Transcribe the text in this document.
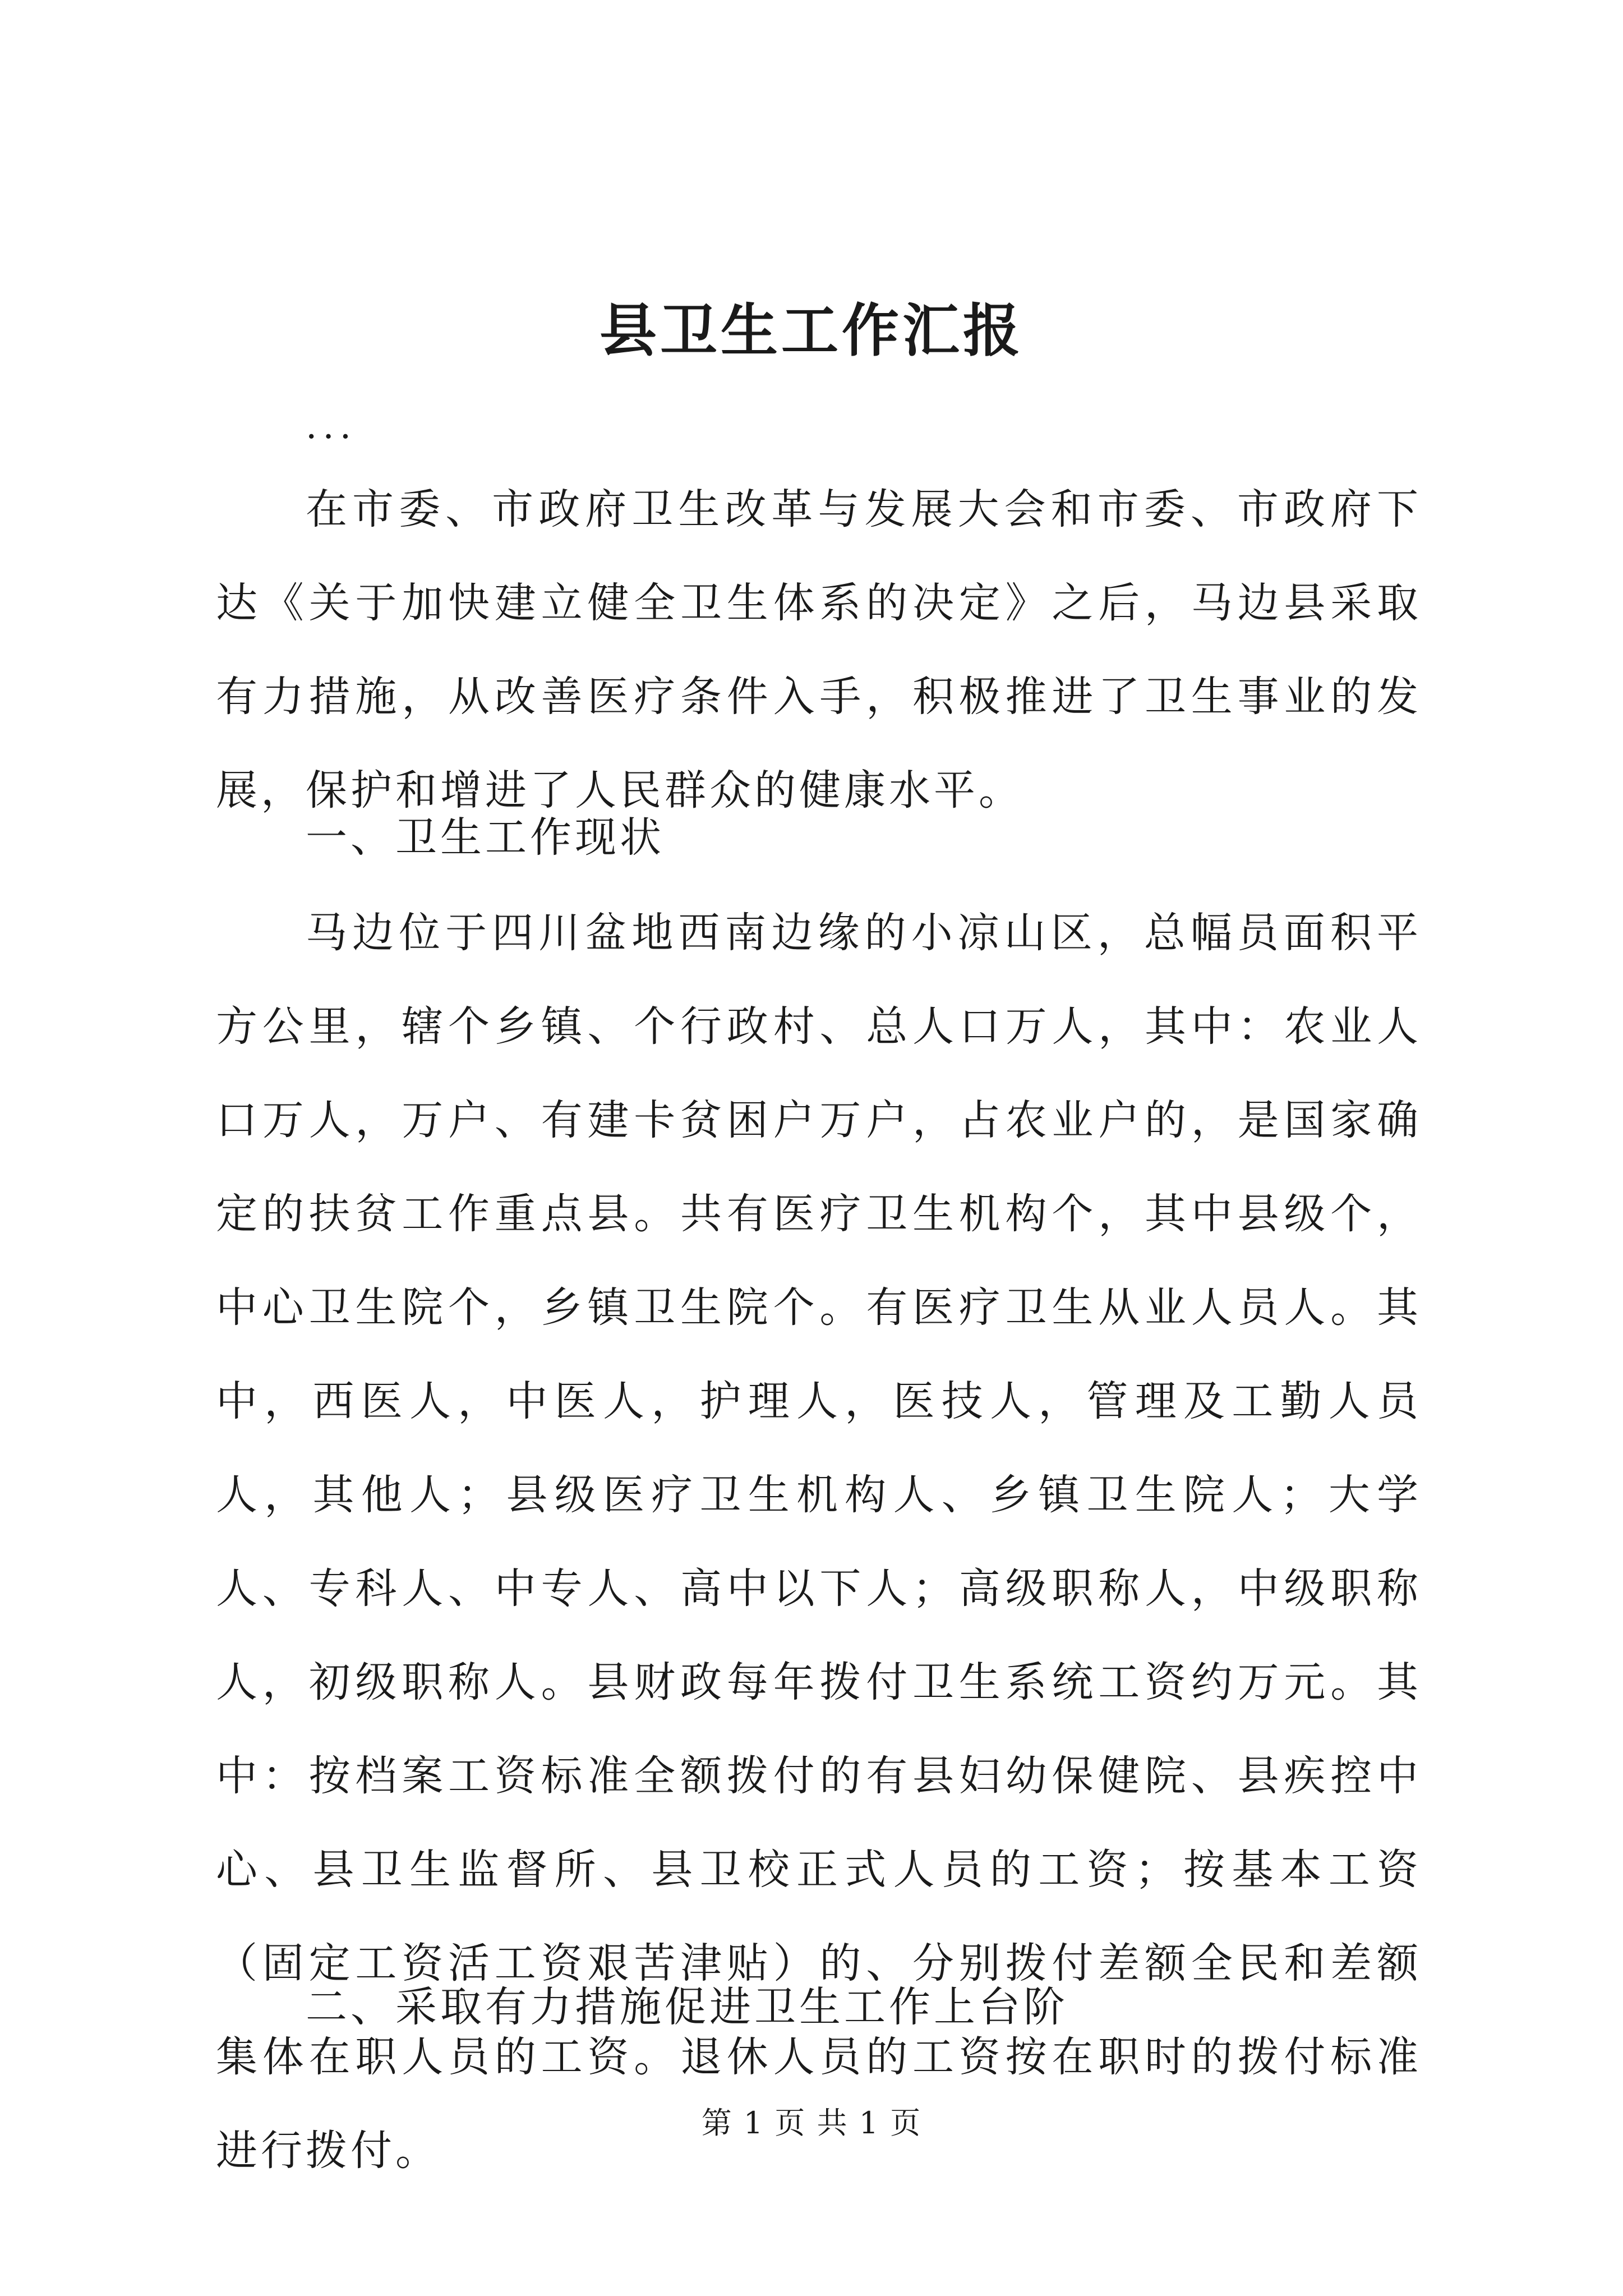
县卫生工作汇报
...

在市委、市政府卫生改革与发展大会和市委、市政府下达《关于加快建立健全卫生体系的决定》之后，马边县采取有力措施，从改善医疗条件入手，积极推进了卫生事业的发展，保护和增进了人民群众的健康水平。

一、卫生工作现状

马边位于四川盆地西南边缘的小凉山区，总幅员面积平方公里，辖个乡镇、个行政村、总人口万人，其中：农业人口万人，万户、有建卡贫困户万户，占农业户的，是国家确定的扶贫工作重点县。共有医疗卫生机构个，其中县级个，中心卫生院个，乡镇卫生院个。有医疗卫生从业人员人。其中，西医人，中医人，护理人，医技人，管理及工勤人员人，其他人；县级医疗卫生机构人、乡镇卫生院人；大学人、专科人、中专人、高中以下人；高级职称人，中级职称人，初级职称人。县财政每年拨付卫生系统工资约万元。其中：按档案工资标准全额拨付的有县妇幼保健院、县疾控中心、县卫生监督所、县卫校正式人员的工资；按基本工资（固定工资活工资艰苦津贴）的、分别拨付差额全民和差额集体在职人员的工资。退休人员的工资按在职时的拨付标准进行拨付。

二、采取有力措施促进卫生工作上台阶

第 1 页 共 1 页
